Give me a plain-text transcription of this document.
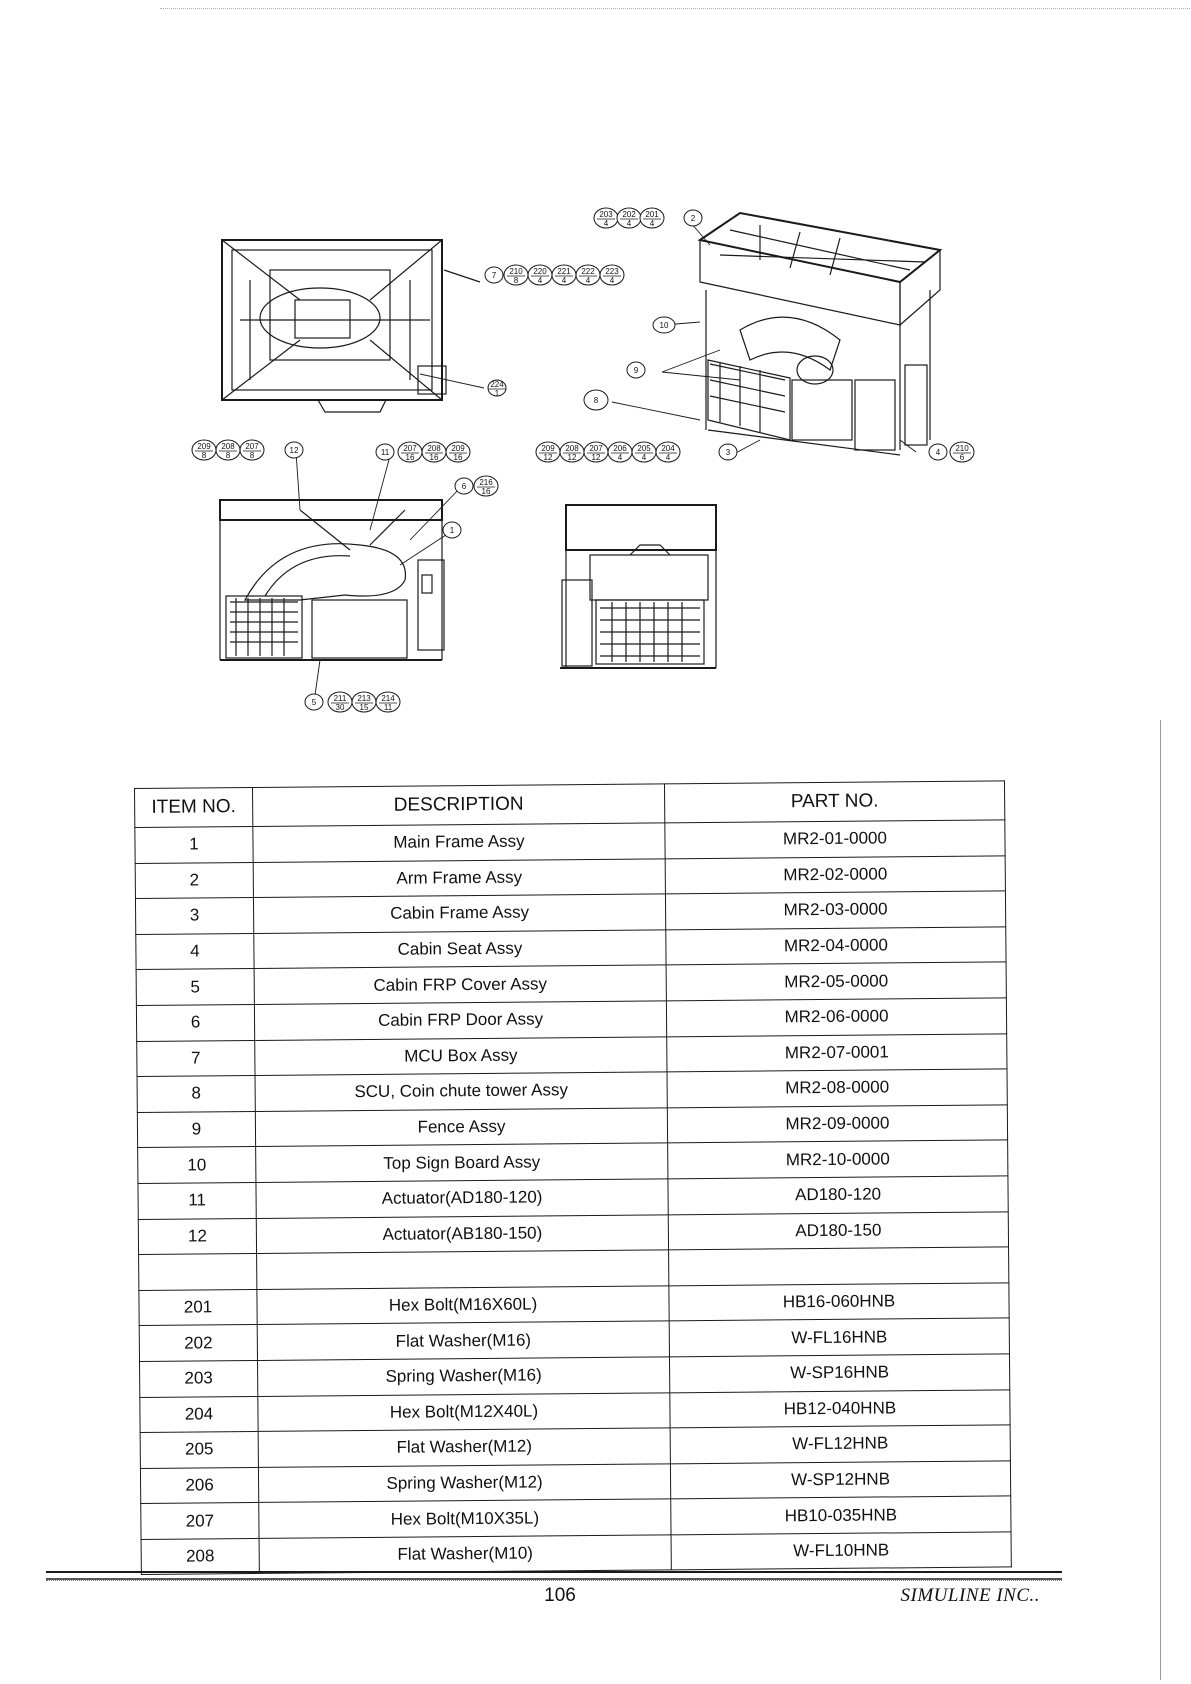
203
4
202
4
201
4
2
7 210
8
220
4
221
4
222
4
223
4
10
9
8
224
1
209
8
208
8
207
8
12	11 207
16
208
16
209
16
209
12
208
12
207
12
206
4
205
4
204
4
3	4 210
6
6 216
16
1
5 211
30
213
15
214
11
ITEM NO.	DESCRIPTION	PART NO.
1	Main Frame Assy	MR2-01-0000
2	Arm Frame Assy	MR2-02-0000
3	Cabin Frame Assy	MR2-03-0000
4	Cabin Seat Assy	MR2-04-0000
5	Cabin FRP Cover Assy	MR2-05-0000
6	Cabin FRP Door Assy	MR2-06-0000
7	MCU Box Assy	MR2-07-0001
8	SCU, Coin chute tower Assy	MR2-08-0000
9	Fence Assy	MR2-09-0000
10	Top Sign Board Assy	MR2-10-0000
11	Actuator(AD180-120)	AD180-120
12	Actuator(AB180-150)	AD180-150

201	Hex Bolt(M16X60L)	HB16-060HNB
202	Flat Washer(M16)	W-FL16HNB
203	Spring Washer(M16)	W-SP16HNB
204	Hex Bolt(M12X40L)	HB12-040HNB
205	Flat Washer(M12)	W-FL12HNB
206	Spring Washer(M12)	W-SP12HNB
207	Hex Bolt(M10X35L)	HB10-035HNB
208	Flat Washer(M10)	W-FL10HNB
106	SIMULINE INC..
